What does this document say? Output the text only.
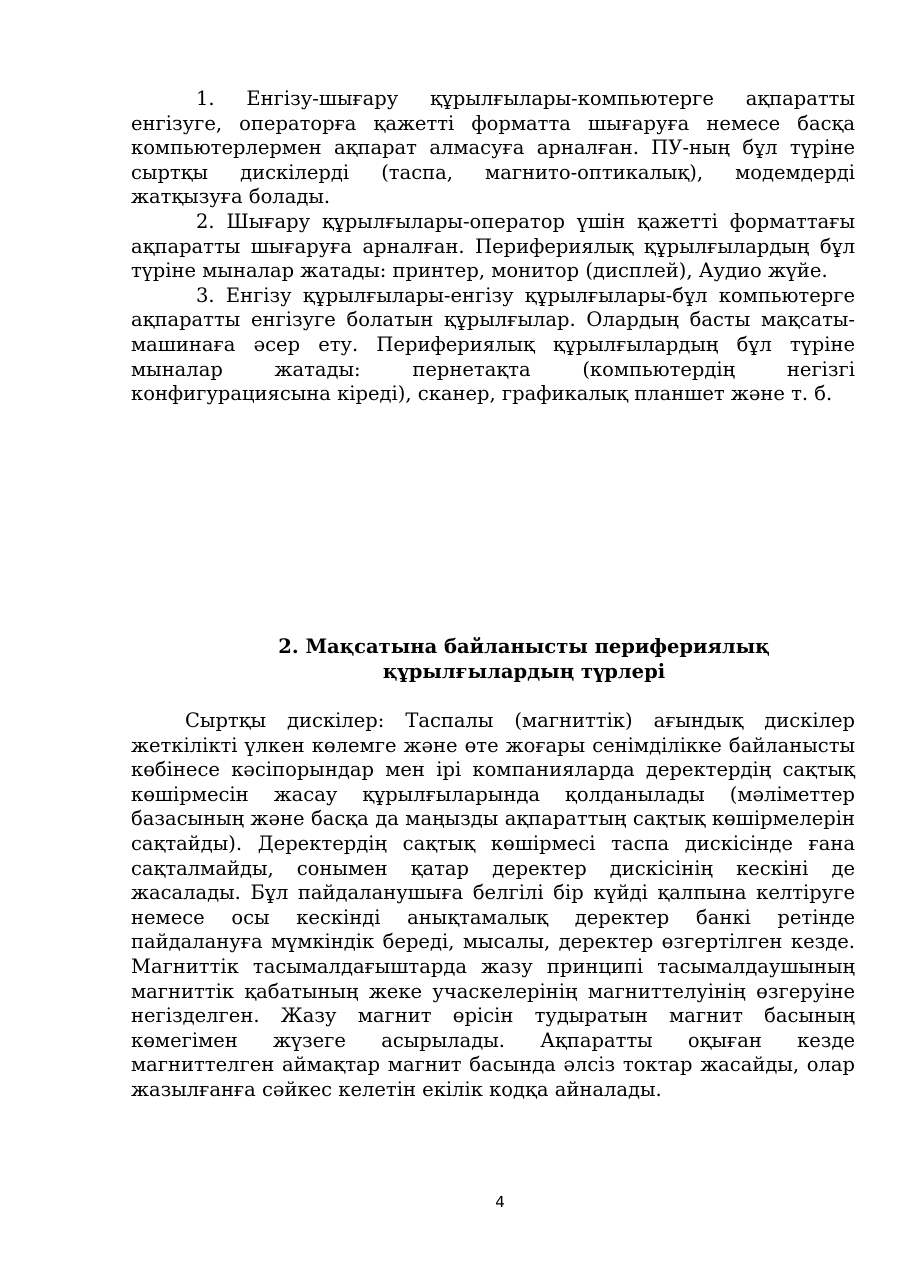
1. Енгізу-шығару құрылғылары-компьютерге ақпаратты енгізуге, операторға қажетті форматта шығаруға немесе басқа компьютерлермен ақпарат алмасуға арналған. ПУ-ның бұл түріне сыртқы дискілерді (таспа, магнито-оптикалық), модемдерді жатқызуға болады.

2. Шығару құрылғылары-оператор үшін қажетті форматтағы ақпаратты шығаруға арналған. Перифериялық құрылғылардың бұл түріне мыналар жатады: принтер, монитор (дисплей), Аудио жүйе.

3. Енгізу құрылғылары-енгізу құрылғылары-бұл компьютерге ақпаратты енгізуге болатын құрылғылар. Олардың басты мақсаты-машинаға әсер ету. Перифериялық құрылғылардың бұл түріне мыналар жатады: пернетақта (компьютердің негізгі конфигурациясына кіреді), сканер, графикалық планшет және т. б.

2. Мақсатына байланысты перифериялық
құрылғылардың түрлері

Сыртқы дискілер: Таспалы (магниттік) ағындық дискілер жеткілікті үлкен көлемге және өте жоғары сенімділікке байланысты көбінесе кәсіпорындар мен ірі компанияларда деректердің сақтық көшірмесін жасау құрылғыларында қолданылады (мәліметтер базасының және басқа да маңызды ақпараттың сақтық көшірмелерін сақтайды). Деректердің сақтық көшірмесі таспа дискісінде ғана сақталмайды, сонымен қатар деректер дискісінің кескіні де жасалады. Бұл пайдаланушыға белгілі бір күйді қалпына келтіруге немесе осы кескінді анықтамалық деректер банкі ретінде пайдалануға мүмкіндік береді, мысалы, деректер өзгертілген кезде. Магниттік тасымалдағыштарда жазу принципі тасымалдаушының магниттік қабатының жеке учаскелерінің магниттелуінің өзгеруіне негізделген. Жазу магнит өрісін тудыратын магнит басының көмегімен жүзеге асырылады. Ақпаратты оқыған кезде магниттелген аймақтар магнит басында әлсіз токтар жасайды, олар жазылғанға сәйкес келетін екілік кодқа айналады.

4
